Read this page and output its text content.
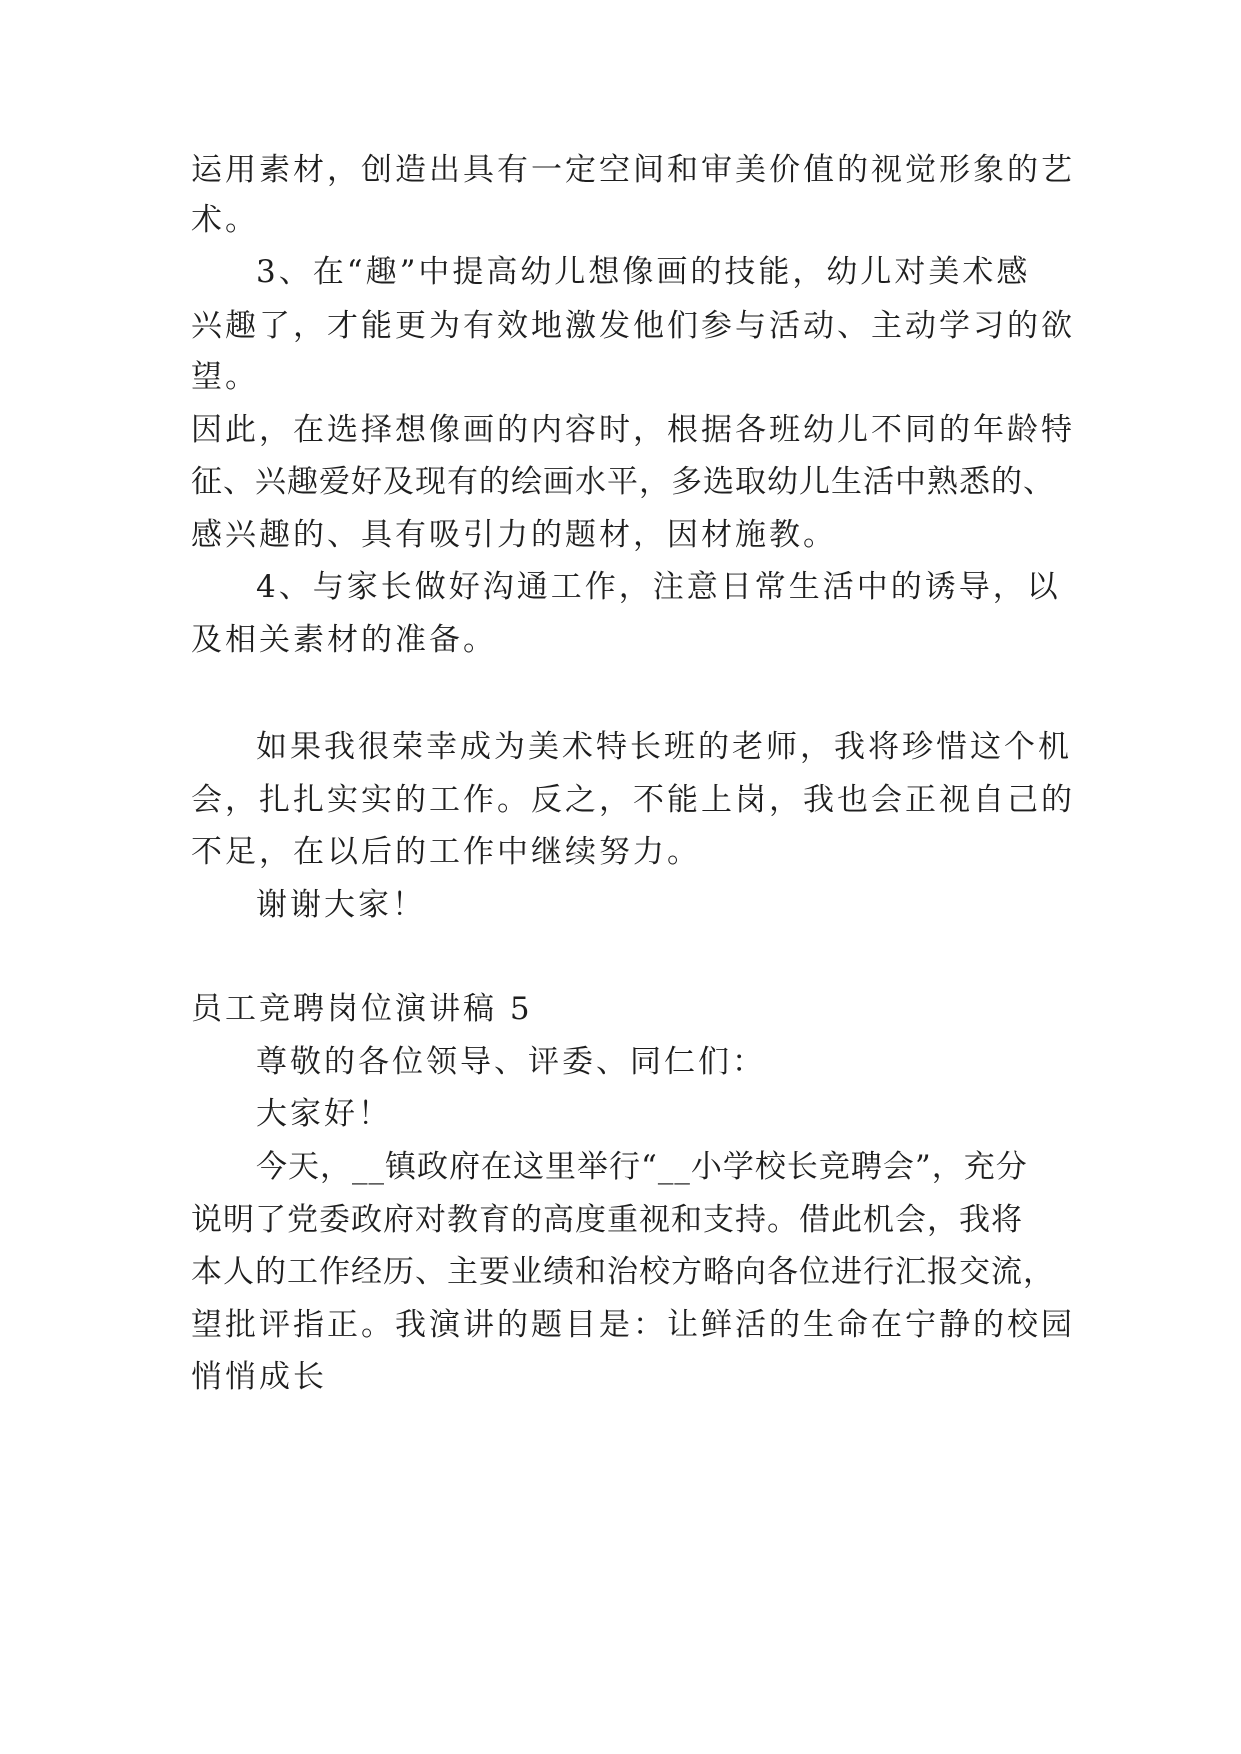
运用素材，创造出具有一定空间和审美价值的视觉形象的艺
术。
3、在“趣”中提高幼儿想像画的技能，幼儿对美术感
兴趣了，才能更为有效地激发他们参与活动、主动学习的欲
望。
因此，在选择想像画的内容时，根据各班幼儿不同的年龄特
征、兴趣爱好及现有的绘画水平，多选取幼儿生活中熟悉的、
感兴趣的、具有吸引力的题材，因材施教。
4、与家长做好沟通工作，注意日常生活中的诱导，以
及相关素材的准备。
如果我很荣幸成为美术特长班的老师，我将珍惜这个机
会，扎扎实实的工作。反之，不能上岗，我也会正视自己的
不足，在以后的工作中继续努力。
谢谢大家！
员工竞聘岗位演讲稿 5
尊敬的各位领导、评委、同仁们：
大家好！
今天，__镇政府在这里举行“__小学校长竞聘会”，充分
说明了党委政府对教育的高度重视和支持。借此机会，我将
本人的工作经历、主要业绩和治校方略向各位进行汇报交流，
望批评指正。我演讲的题目是：让鲜活的生命在宁静的校园
悄悄成长
